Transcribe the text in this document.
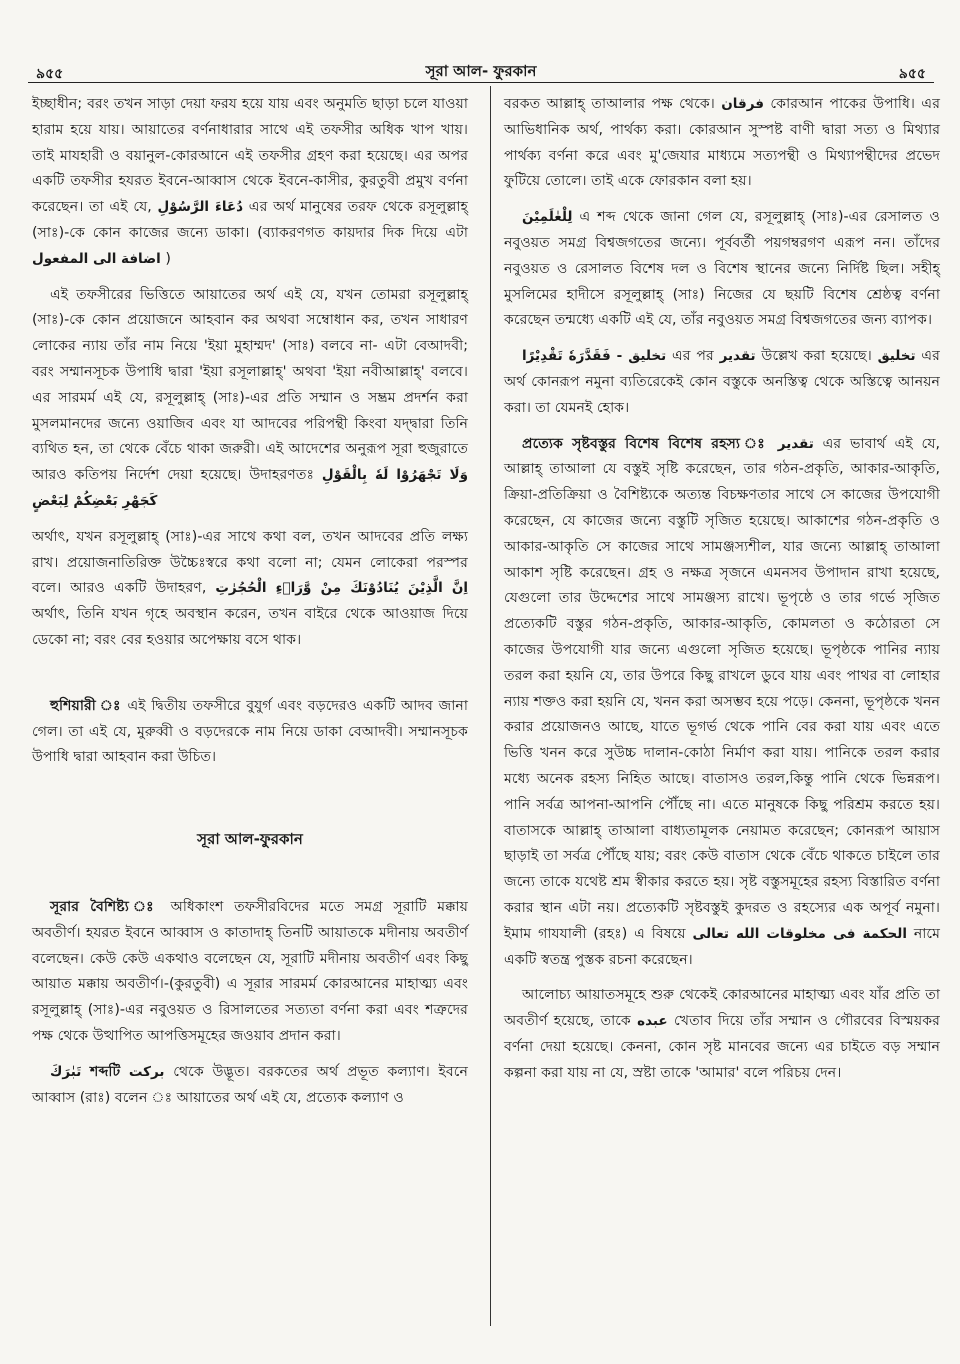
৯৫৫	সূরা আল- ফুরকান	৯৫৫

ইচ্ছাধীন; বরং তখন সাড়া দেয়া ফরয হয়ে যায় এবং অনুমতি ছাড়া চলে যাওয়া হারাম হয়ে যায়। আয়াতের বর্ণনাধারার সাথে এই তফসীর অধিক খাপ খায়। তাই মাযহারী ও বয়ানুল-কোরআনে এই তফসীর গ্রহণ করা হয়েছে। এর অপর একটি তফসীর হযরত ইবনে-আব্বাস থেকে ইবনে-কাসীর, কুরতুবী প্রমুখ বর্ণনা করেছেন। তা এই যে, دُعَاءَ الرَّسُوْلِ এর অর্থ মানুষের তরফ থেকে রসূলুল্লাহ্ (সাঃ)-কে কোন কাজের জন্যে ডাকা। (ব্যাকরণগত কায়দার দিক দিয়ে এটা اضافة الى المفعول )

এই তফসীরের ভিত্তিতে আয়াতের অর্থ এই যে, যখন তোমরা রসূলুল্লাহ্ (সাঃ)-কে কোন প্রয়োজনে আহবান কর অথবা সম্বোধান কর, তখন সাধারণ লোকের ন্যায় তাঁর নাম নিয়ে 'ইয়া মুহাম্মদ' (সাঃ) বলবে না- এটা বেআদবী; বরং সম্মানসূচক উপাধি দ্বারা 'ইয়া রসূলাল্লাহ্' অথবা 'ইয়া নবীআল্লাহ্' বলবে। এর সারমর্ম এই যে, রসূলুল্লাহ্ (সাঃ)-এর প্রতি সম্মান ও সম্ভ্রম প্রদর্শন করা মুসলমানদের জন্যে ওয়াজিব এবং যা আদবের পরিপন্থী কিংবা যদ্দ্বারা তিনি ব্যথিত হন, তা থেকে বেঁচে থাকা জরুরী। এই আদেশের অনুরূপ সূরা হুজুরাতে আরও কতিপয় নির্দেশ দেয়া হয়েছে। উদাহরণতঃ وَلَا تَجْهَرُوْا لَهٗ بِالْقَوْلِ كَجَهْرِ بَعْضِكُمْ لِبَعْضٍ

অর্থাৎ, যখন রসূলুল্লাহ্ (সাঃ)-এর সাথে কথা বল, তখন আদবের প্রতি লক্ষ্য রাখ। প্রয়োজনাতিরিক্ত উচ্চৈঃস্বরে কথা বলো না; যেমন লোকেরা পরস্পর বলে। আরও একটি উদাহরণ, اِنَّ الَّذِيْنَ يُنَادُوْنَكَ مِنْ وَّرَاۤءِ الْحُجُرٰتِ অর্থাৎ, তিনি যখন গৃহে অবস্থান করেন, তখন বাইরে থেকে আওয়াজ দিয়ে ডেকো না; বরং বের হওয়ার অপেক্ষায় বসে থাক।

হুশিয়ারী ঃ এই দ্বিতীয় তফসীরে বুযুর্গ এবং বড়দেরও একটি আদব জানা গেল। তা এই যে, মুরুব্বী ও বড়দেরকে নাম নিয়ে ডাকা বেআদবী। সম্মানসূচক উপাধি দ্বারা আহবান করা উচিত।

সূরা আল-ফুরকান

সূরার বৈশিষ্ট্য ঃ অধিকাংশ তফসীরবিদের মতে সমগ্র সূরাটি মক্কায় অবতীর্ণ। হযরত ইবনে আব্বাস ও কাতাদাহ্ তিনটি আয়াতকে মদীনায় অবতীর্ণ বলেছেন। কেউ কেউ একথাও বলেছেন যে, সূরাটি মদীনায় অবতীর্ণ এবং কিছু আয়াত মক্কায় অবতীর্ণ।-(কুরতুবী) এ সূরার সারমর্ম কোরআনের মাহাত্ম্য এবং রসূলুল্লাহ্ (সাঃ)-এর নবুওয়ত ও রিসালতের সত্যতা বর্ণনা করা এবং শত্রুদের পক্ষ থেকে উত্থাপিত আপত্তিসমূহের জওয়াব প্রদান করা।

تَبٰرَكَ শব্দটি بركت থেকে উদ্ভূত। বরকতের অর্থ প্রভূত কল্যাণ। ইবনে আব্বাস (রাঃ) বলেন ঃ আয়াতের অর্থ এই যে, প্রত্যেক কল্যাণ ও

বরকত আল্লাহ্ তাআলার পক্ষ থেকে। فرقان কোরআন পাকের উপাধি। এর আভিধানিক অর্থ, পার্থক্য করা। কোরআন সুস্পষ্ট বাণী দ্বারা সত্য ও মিথ্যার পার্থক্য বর্ণনা করে এবং মু'জেযার মাধ্যমে সত্যপন্থী ও মিথ্যাপন্থীদের প্রভেদ ফুটিয়ে তোলে। তাই একে ফোরকান বলা হয়।

لِلْعٰلَمِيْنَ এ শব্দ থেকে জানা গেল যে, রসূলুল্লাহ্ (সাঃ)-এর রেসালত ও নবুওয়ত সমগ্র বিশ্বজগতের জন্যে। পূর্ববর্তী পয়গম্বরগণ এরূপ নন। তাঁদের নবুওয়ত ও রেসালত বিশেষ দল ও বিশেষ স্থানের জন্যে নির্দিষ্ট ছিল। সহীহ্ মুসলিমের হাদীসে রসূলুল্লাহ্ (সাঃ) নিজের যে ছয়টি বিশেষ শ্রেষ্ঠত্ব বর্ণনা করেছেন তন্মধ্যে একটি এই যে, তাঁর নবুওয়ত সমগ্র বিশ্বজগতের জন্য ব্যাপক।

تخليق - فَقَدَّرَهٗ تَقْدِيْرًا এর পর تقدير উল্লেখ করা হয়েছে। تخليق এর অর্থ কোনরূপ নমুনা ব্যতিরেকেই কোন বস্তুকে অনস্তিত্ব থেকে অস্তিত্বে আনয়ন করা। তা যেমনই হোক।

প্রত্যেক সৃষ্টবস্তুর বিশেষ বিশেষ রহস্য ঃ تقدير এর ভাবার্থ এই যে, আল্লাহ্ তাআলা যে বস্তুই সৃষ্টি করেছেন, তার গঠন-প্রকৃতি, আকার-আকৃতি, ক্রিয়া-প্রতিক্রিয়া ও বৈশিষ্ট্যকে অত্যন্ত বিচক্ষণতার সাথে সে কাজের উপযোগী করেছেন, যে কাজের জন্যে বস্তুটি সৃজিত হয়েছে। আকাশের গঠন-প্রকৃতি ও আকার-আকৃতি সে কাজের সাথে সামঞ্জস্যশীল, যার জন্যে আল্লাহ্ তাআলা আকাশ সৃষ্টি করেছেন। গ্রহ ও নক্ষত্র সৃজনে এমনসব উপাদান রাখা হয়েছে, যেগুলো তার উদ্দেশের সাথে সামঞ্জস্য রাখে। ভূপৃষ্ঠে ও তার গর্ভে সৃজিত প্রত্যেকটি বস্তুর গঠন-প্রকৃতি, আকার-আকৃতি, কোমলতা ও কঠোরতা সে কাজের উপযোগী যার জন্যে এগুলো সৃজিত হয়েছে। ভূপৃষ্ঠকে পানির ন্যায় তরল করা হয়নি যে, তার উপরে কিছু রাখলে ডুবে যায় এবং পাথর বা লোহার ন্যায় শক্তও করা হয়নি যে, খনন করা অসম্ভব হয়ে পড়ে। কেননা, ভূপৃষ্ঠকে খনন করার প্রয়োজনও আছে, যাতে ভূগর্ভ থেকে পানি বের করা যায় এবং এতে ভিত্তি খনন করে সুউচ্চ দালান-কোঠা নির্মাণ করা যায়। পানিকে তরল করার মধ্যে অনেক রহস্য নিহিত আছে। বাতাসও তরল,কিন্তু পানি থেকে ভিন্নরূপ। পানি সর্বত্র আপনা-আপনি পৌঁছে না। এতে মানুষকে কিছু পরিশ্রম করতে হয়। বাতাসকে আল্লাহ্ তাআলা বাধ্যতামূলক নেয়ামত করেছেন; কোনরূপ আয়াস ছাড়াই তা সর্বত্র পৌঁছে যায়; বরং কেউ বাতাস থেকে বেঁচে থাকতে চাইলে তার জন্যে তাকে যথেষ্ট শ্রম স্বীকার করতে হয়। সৃষ্ট বস্তুসমূহের রহস্য বিস্তারিত বর্ণনা করার স্থান এটা নয়। প্রত্যেকটি সৃষ্টবস্তুই কুদরত ও রহস্যের এক অপূর্ব নমুনা। ইমাম গাযযালী (রহঃ) এ বিষয়ে الحكمة فى مخلوقات الله تعالى নামে একটি স্বতন্ত্র পুস্তক রচনা করেছেন।

আলোচ্য আয়াতসমূহে শুরু থেকেই কোরআনের মাহাত্ম্য এবং যাঁর প্রতি তা অবতীর্ণ হয়েছে, তাকে عبده খেতাব দিয়ে তাঁর সম্মান ও গৌরবের বিস্ময়কর বর্ণনা দেয়া হয়েছে। কেননা, কোন সৃষ্ট মানবের জন্যে এর চাইতে বড় সম্মান কল্পনা করা যায় না যে, স্রষ্টা তাকে 'আমার' বলে পরিচয় দেন।
